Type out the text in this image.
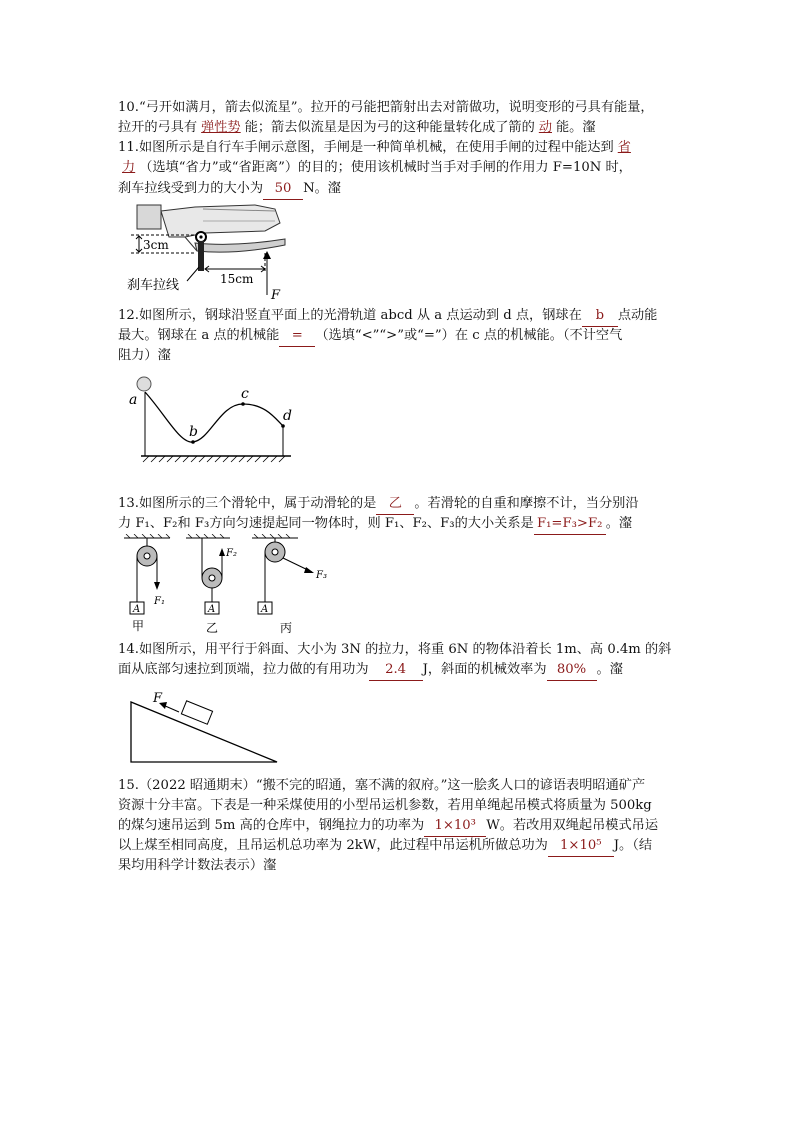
10.“弓开如满月，箭去似流星”。拉开的弓能把箭射出去对箭做功，说明变形的弓具有能量，
拉开的弓具有 弹性势 能；箭去似流星是因为弓的这种能量转化成了箭的 动 能。瀣
11.如图所示是自行车手闸示意图，手闸是一种简单机械，在使用手闸的过程中能达到 省
力 （选填“省力”或“省距离”）的目的；使用该机械时当手对手闸的作用力 F=10N 时，
刹车拉线受到力的大小为 50 N。瀣
3cm
15cm
F
刹车拉线
12.如图所示，钢球沿竖直平面上的光滑轨道 abcd 从 a 点运动到 d 点，钢球在 b 点动能
最大。钢球在 a 点的机械能 = （选填“<”“>”或“=”）在 c 点的机械能。（不计空气
阻力）瀣
a
b
c
d
13.如图所示的三个滑轮中，属于动滑轮的是 乙 。若滑轮的自重和摩擦不计，当分别沿
力 F₁、F₂和 F₃方向匀速提起同一物体时，则 F₁、F₂、F₃的大小关系是 F₁=F₃>F₂ 。瀣
A
F₁
甲
A
F₂
乙
A
F₃
丙
14.如图所示，用平行于斜面、大小为 3N 的拉力，将重 6N 的物体沿着长 1m、高 0.4m 的斜
面从底部匀速拉到顶端，拉力做的有用功为 2.4 J，斜面的机械效率为 80% 。瀣
F
15.（2022 昭通期末）“搬不完的昭通，塞不满的叙府。”这一脍炙人口的谚语表明昭通矿产
资源十分丰富。下表是一种采煤使用的小型吊运机参数，若用单绳起吊模式将质量为 500kg
的煤匀速吊运到 5m 高的仓库中，钢绳拉力的功率为 1×10³ W。若改用双绳起吊模式吊运
以上煤至相同高度，且吊运机总功率为 2kW，此过程中吊运机所做总功为 1×10⁵ J。（结
果均用科学计数法表示）瀣
